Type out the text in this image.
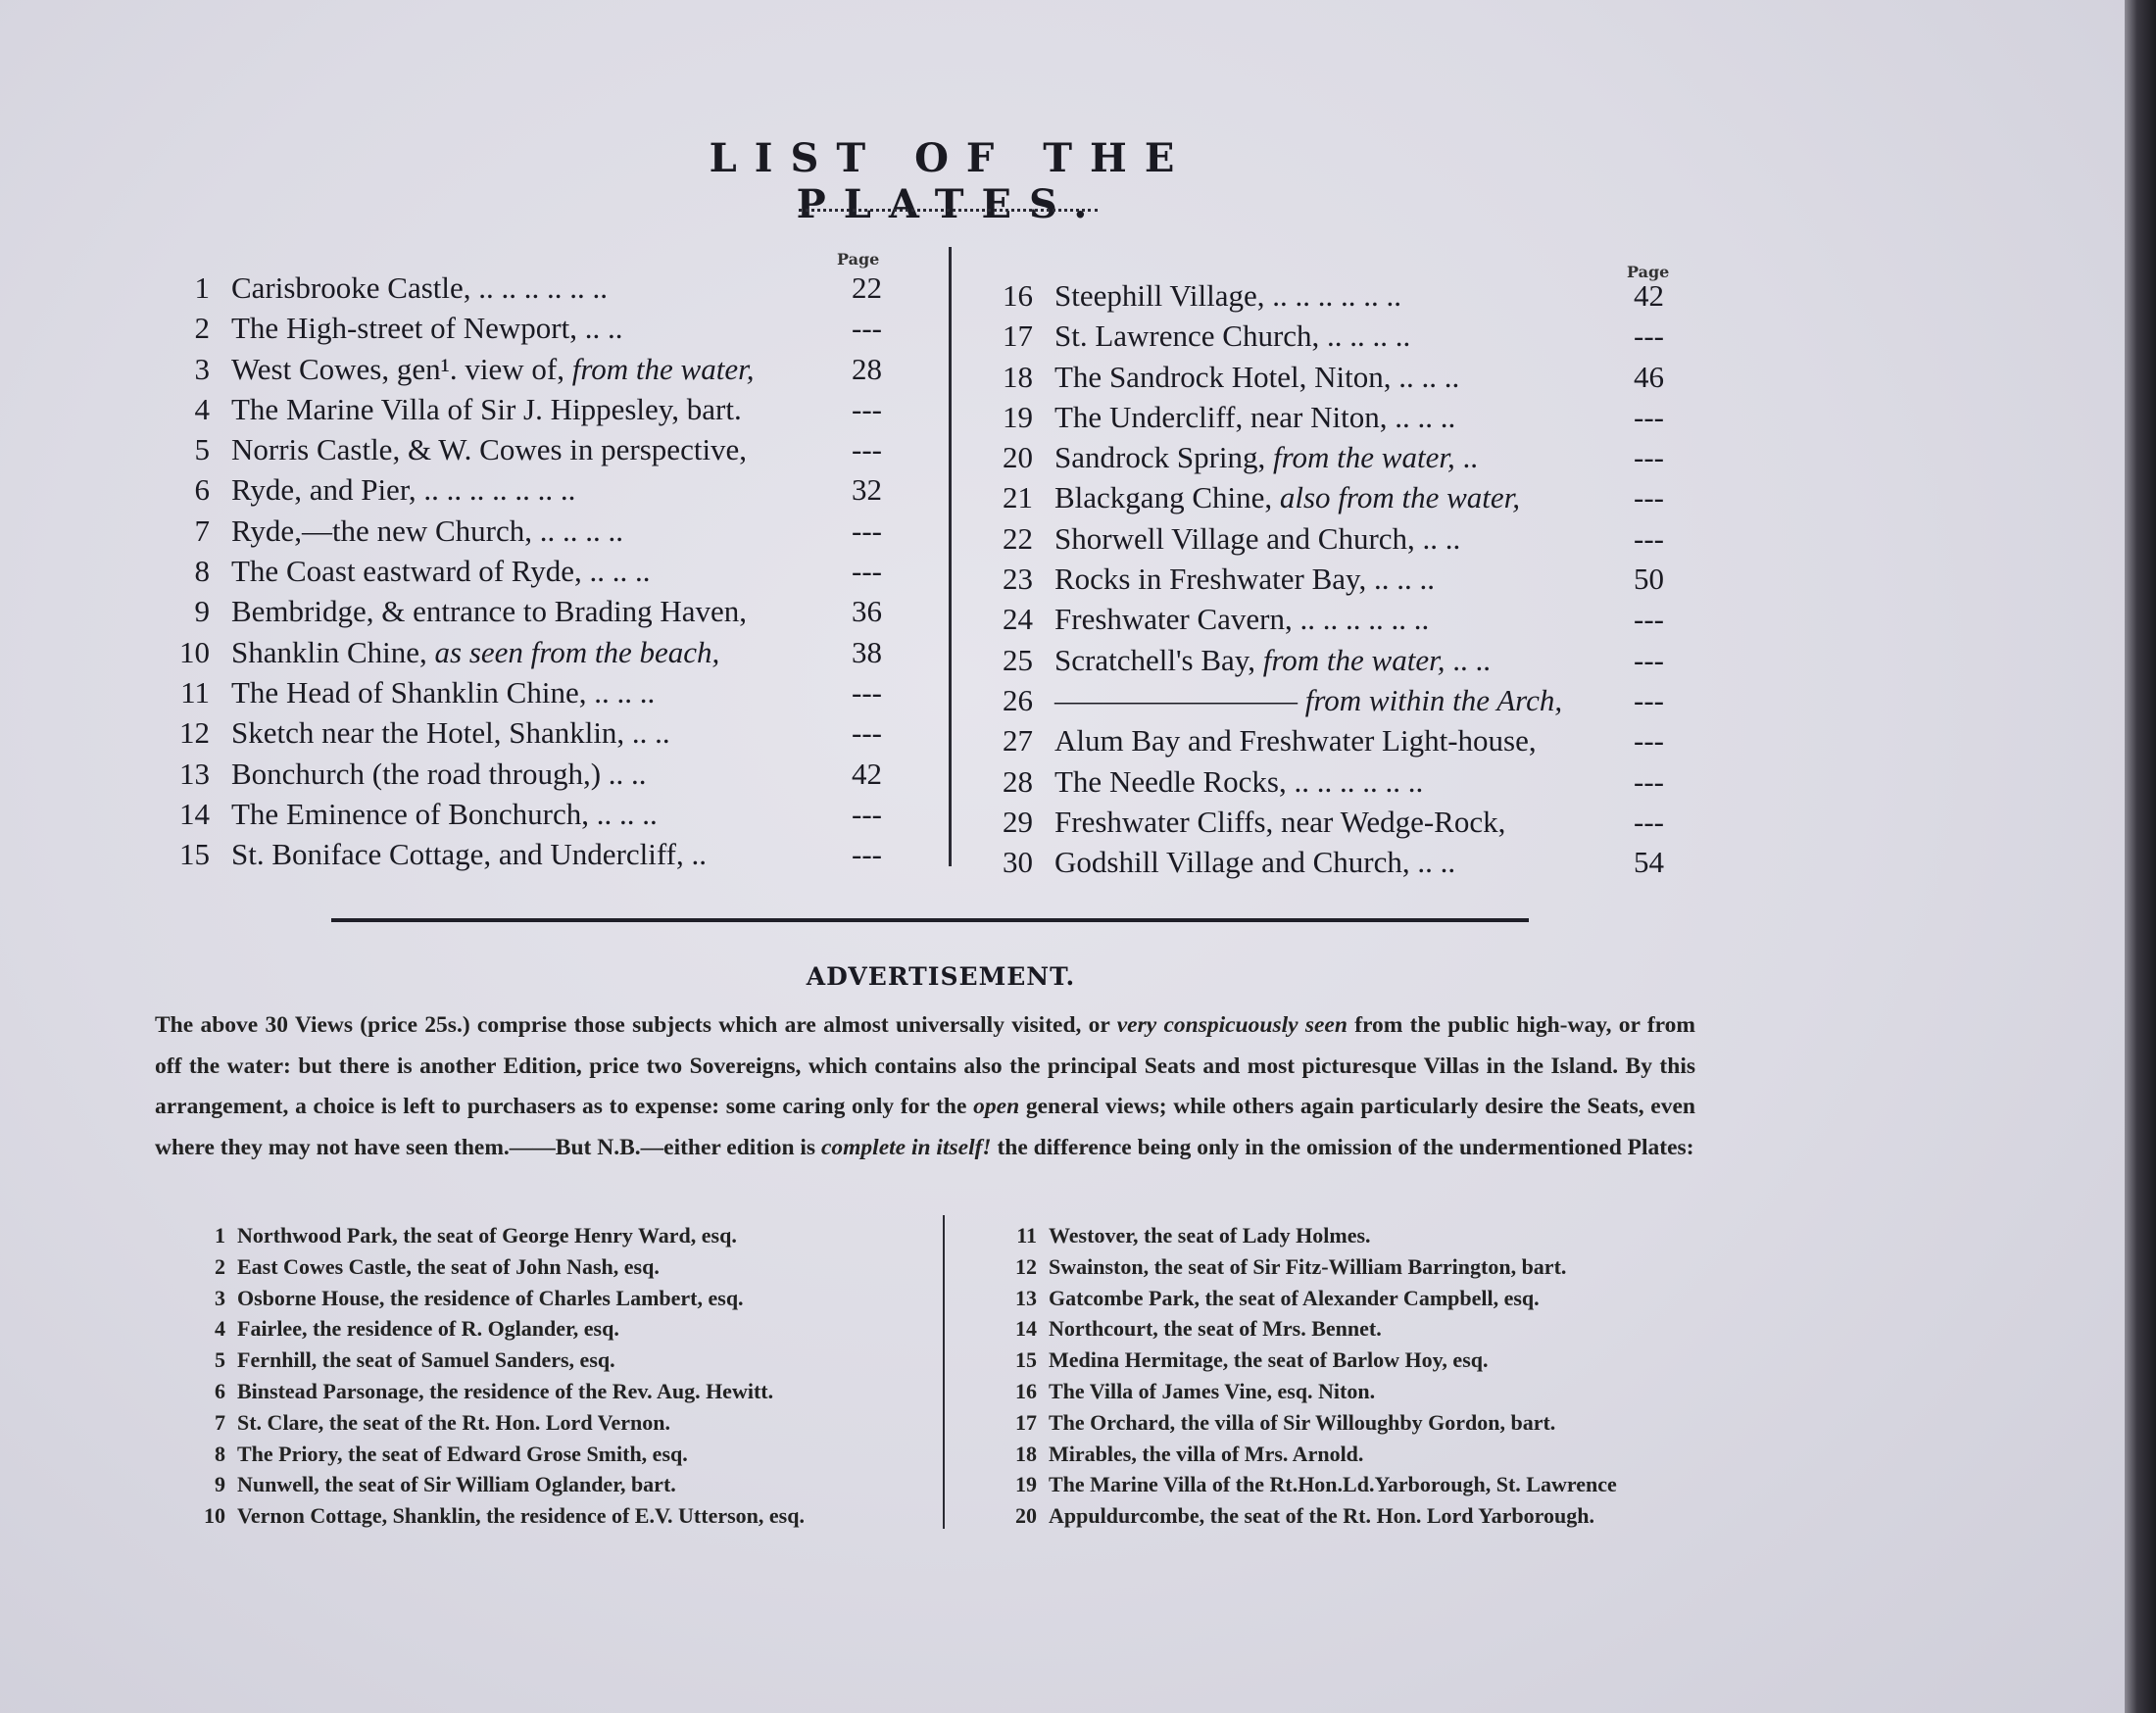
LIST OF THE PLATES.
Page
Page
1 Carisbrooke Castle, .. .. .. .. .. ..	22
2 The High-street of Newport, .. ..	---
3 West Cowes, gen¹. view of, from the water,	28
4 The Marine Villa of Sir J. Hippesley, bart.	---
5 Norris Castle, & W. Cowes in perspective,	---
6 Ryde, and Pier, .. .. .. .. .. .. ..	32
7 Ryde,—the new Church, .. .. .. ..	---
8 The Coast eastward of Ryde, .. .. ..	---
9 Bembridge, & entrance to Brading Haven,	36
10 Shanklin Chine, as seen from the beach,	38
11 The Head of Shanklin Chine, .. .. ..	---
12 Sketch near the Hotel, Shanklin, .. ..	---
13 Bonchurch (the road through,) .. ..	42
14 The Eminence of Bonchurch, .. .. ..	---
15 St. Boniface Cottage, and Undercliff, ..	---
16 Steephill Village, .. .. .. .. .. ..	42
17 St. Lawrence Church, .. .. .. ..	---
18 The Sandrock Hotel, Niton, .. .. ..	46
19 The Undercliff, near Niton, .. .. ..	---
20 Sandrock Spring, from the water, ..	---
21 Blackgang Chine, also from the water,	---
22 Shorwell Village and Church, .. ..	---
23 Rocks in Freshwater Bay, .. .. ..	50
24 Freshwater Cavern, .. .. .. .. .. ..	---
25 Scratchell's Bay, from the water, .. ..	---
26 ———————— from within the Arch,	---
27 Alum Bay and Freshwater Light-house,	---
28 The Needle Rocks, .. .. .. .. .. ..	---
29 Freshwater Cliffs, near Wedge-Rock,	---
30 Godshill Village and Church, .. ..	54
ADVERTISEMENT.
The above 30 Views (price 25s.) comprise those subjects which are almost universally visited, or very conspicuously seen from the public high-way, or from off the water: but there is another Edition, price two Sovereigns, which contains also the principal Seats and most picturesque Villas in the Island. By this arrangement, a choice is left to purchasers as to expense: some caring only for the open general views; while others again particularly desire the Seats, even where they may not have seen them.——But N.B.—either edition is complete in itself! the difference being only in the omission of the undermentioned Plates:
1 Northwood Park, the seat of George Henry Ward, esq.
2 East Cowes Castle, the seat of John Nash, esq.
3 Osborne House, the residence of Charles Lambert, esq.
4 Fairlee, the residence of R. Oglander, esq.
5 Fernhill, the seat of Samuel Sanders, esq.
6 Binstead Parsonage, the residence of the Rev. Aug. Hewitt.
7 St. Clare, the seat of the Rt. Hon. Lord Vernon.
8 The Priory, the seat of Edward Grose Smith, esq.
9 Nunwell, the seat of Sir William Oglander, bart.
10 Vernon Cottage, Shanklin, the residence of E.V. Utterson, esq.
11 Westover, the seat of Lady Holmes.
12 Swainston, the seat of Sir Fitz-William Barrington, bart.
13 Gatcombe Park, the seat of Alexander Campbell, esq.
14 Northcourt, the seat of Mrs. Bennet.
15 Medina Hermitage, the seat of Barlow Hoy, esq.
16 The Villa of James Vine, esq. Niton.
17 The Orchard, the villa of Sir Willoughby Gordon, bart.
18 Mirables, the villa of Mrs. Arnold.
19 The Marine Villa of the Rt.Hon.Ld.Yarborough, St. Lawrence
20 Appuldurcombe, the seat of the Rt. Hon. Lord Yarborough.
